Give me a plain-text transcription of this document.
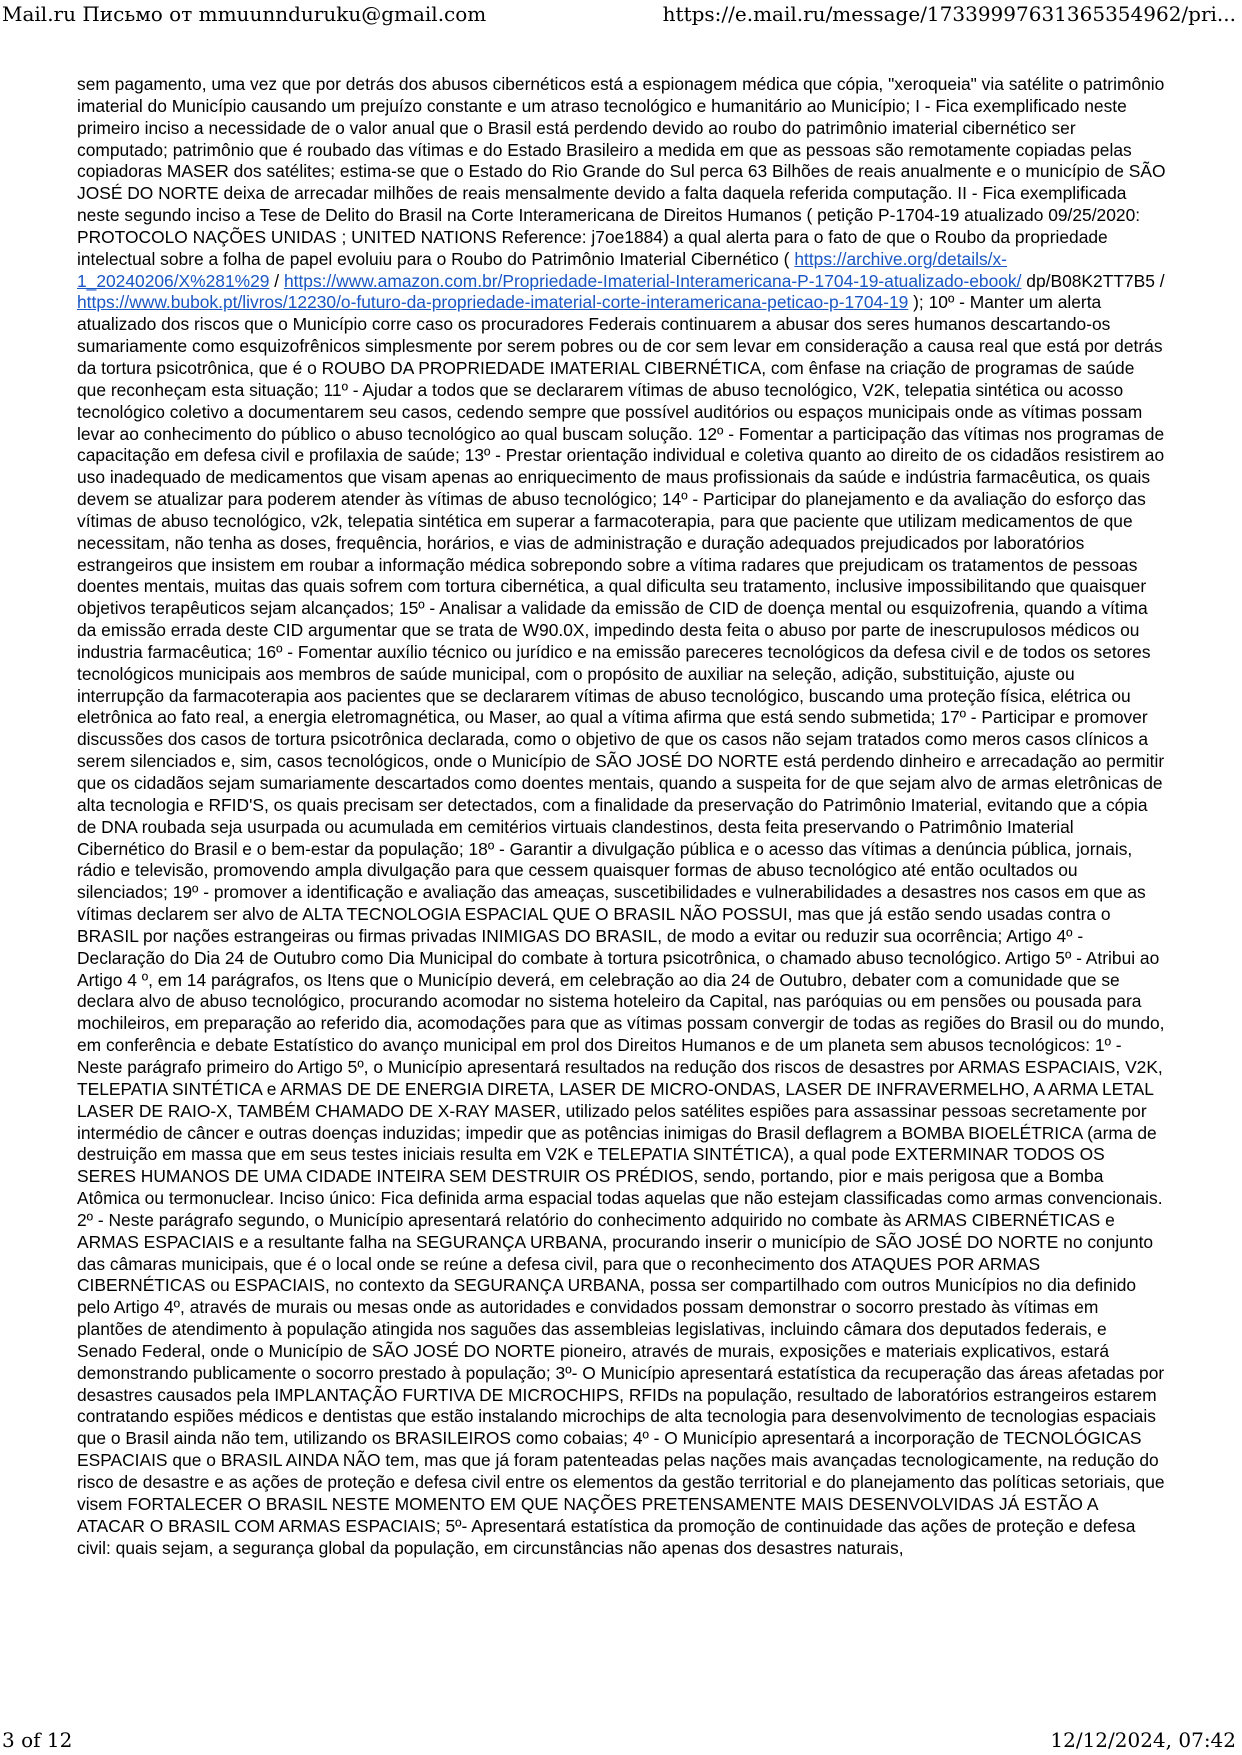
Mail.ru Письмо от mmuunnduruku@gmail.com	https://e.mail.ru/message/17339997631365354962/pri...

sem pagamento, uma vez que por detrás dos abusos cibernéticos está a espionagem médica que cópia, "xeroqueia" via satélite o patrimônio imaterial do Município causando um prejuízo constante e um atraso tecnológico e humanitário ao Município; I - Fica exemplificado neste primeiro inciso a necessidade de o valor anual que o Brasil está perdendo devido ao roubo do patrimônio imaterial cibernético ser computado; patrimônio que é roubado das vítimas e do Estado Brasileiro a medida em que as pessoas são remotamente copiadas pelas copiadoras MASER dos satélites; estima-se que o Estado do Rio Grande do Sul perca 63 Bilhões de reais anualmente e o município de SÃO JOSÉ DO NORTE deixa de arrecadar milhões de reais mensalmente devido a falta daquela referida computação. II - Fica exemplificada neste segundo inciso a Tese de Delito do Brasil na Corte Interamericana de Direitos Humanos ( petição P-1704-19 atualizado 09/25/2020: PROTOCOLO NAÇÕES UNIDAS ; UNITED NATIONS Reference: j7oe1884) a qual alerta para o fato de que o Roubo da propriedade intelectual sobre a folha de papel evoluiu para o Roubo do Patrimônio Imaterial Cibernético ( https://archive.org/details/x-1_20240206/X%281%29 / https://www.amazon.com.br/Propriedade-Imaterial-Interamericana-P-1704-19-atualizado-ebook/ dp/B08K2TT7B5 / https://www.bubok.pt/livros/12230/o-futuro-da-propriedade-imaterial-corte-interamericana-peticao-p-1704-19 ); 10º - Manter um alerta atualizado dos riscos que o Município corre caso os procuradores Federais continuarem a abusar dos seres humanos descartando-os sumariamente como esquizofrênicos simplesmente por serem pobres ou de cor sem levar em consideração a causa real que está por detrás da tortura psicotrônica, que é o ROUBO DA PROPRIEDADE IMATERIAL CIBERNÉTICA, com ênfase na criação de programas de saúde que reconheçam esta situação; 11º - Ajudar a todos que se declararem vítimas de abuso tecnológico, V2K, telepatia sintética ou acosso tecnológico coletivo a documentarem seu casos, cedendo sempre que possível auditórios ou espaços municipais onde as vítimas possam levar ao conhecimento do público o abuso tecnológico ao qual buscam solução. 12º - Fomentar a participação das vítimas nos programas de capacitação em defesa civil e profilaxia de saúde; 13º - Prestar orientação individual e coletiva quanto ao direito de os cidadãos resistirem ao uso inadequado de medicamentos que visam apenas ao enriquecimento de maus profissionais da saúde e indústria farmacêutica, os quais devem se atualizar para poderem atender às vítimas de abuso tecnológico; 14º - Participar do planejamento e da avaliação do esforço das vítimas de abuso tecnológico, v2k, telepatia sintética em superar a farmacoterapia, para que paciente que utilizam medicamentos de que necessitam, não tenha as doses, frequência, horários, e vias de administração e duração adequados prejudicados por laboratórios estrangeiros que insistem em roubar a informação médica sobrepondo sobre a vítima radares que prejudicam os tratamentos de pessoas doentes mentais, muitas das quais sofrem com tortura cibernética, a qual dificulta seu tratamento, inclusive impossibilitando que quaisquer objetivos terapêuticos sejam alcançados; 15º - Analisar a validade da emissão de CID de doença mental ou esquizofrenia, quando a vítima da emissão errada deste CID argumentar que se trata de W90.0X, impedindo desta feita o abuso por parte de inescrupulosos médicos ou industria farmacêutica; 16º - Fomentar auxílio técnico ou jurídico e na emissão pareceres tecnológicos da defesa civil e de todos os setores tecnológicos municipais aos membros de saúde municipal, com o propósito de auxiliar na seleção, adição, substituição, ajuste ou interrupção da farmacoterapia aos pacientes que se declararem vítimas de abuso tecnológico, buscando uma proteção física, elétrica ou eletrônica ao fato real, a energia eletromagnética, ou Maser, ao qual a vítima afirma que está sendo submetida; 17º - Participar e promover discussões dos casos de tortura psicotrônica declarada, como o objetivo de que os casos não sejam tratados como meros casos clínicos a serem silenciados e, sim, casos tecnológicos, onde o Município de SÃO JOSÉ DO NORTE está perdendo dinheiro e arrecadação ao permitir que os cidadãos sejam sumariamente descartados como doentes mentais, quando a suspeita for de que sejam alvo de armas eletrônicas de alta tecnologia e RFID'S, os quais precisam ser detectados, com a finalidade da preservação do Patrimônio Imaterial, evitando que a cópia de DNA roubada seja usurpada ou acumulada em cemitérios virtuais clandestinos, desta feita preservando o Patrimônio Imaterial Cibernético do Brasil e o bem-estar da população; 18º - Garantir a divulgação pública e o acesso das vítimas a denúncia pública, jornais, rádio e televisão, promovendo ampla divulgação para que cessem quaisquer formas de abuso tecnológico até então ocultados ou silenciados; 19º - promover a identificação e avaliação das ameaças, suscetibilidades e vulnerabilidades a desastres nos casos em que as vítimas declarem ser alvo de ALTA TECNOLOGIA ESPACIAL QUE O BRASIL NÃO POSSUI, mas que já estão sendo usadas contra o BRASIL por nações estrangeiras ou firmas privadas INIMIGAS DO BRASIL, de modo a evitar ou reduzir sua ocorrência; Artigo 4º - Declaração do Dia 24 de Outubro como Dia Municipal do combate à tortura psicotrônica, o chamado abuso tecnológico. Artigo 5º - Atribui ao Artigo 4 º, em 14 parágrafos, os Itens que o Município deverá, em celebração ao dia 24 de Outubro, debater com a comunidade que se declara alvo de abuso tecnológico, procurando acomodar no sistema hoteleiro da Capital, nas paróquias ou em pensões ou pousada para mochileiros, em preparação ao referido dia, acomodações para que as vítimas possam convergir de todas as regiões do Brasil ou do mundo, em conferência e debate Estatístico do avanço municipal em prol dos Direitos Humanos e de um planeta sem abusos tecnológicos: 1º - Neste parágrafo primeiro do Artigo 5º, o Município apresentará resultados na redução dos riscos de desastres por ARMAS ESPACIAIS, V2K, TELEPATIA SINTÉTICA e ARMAS DE DE ENERGIA DIRETA, LASER DE MICRO-ONDAS, LASER DE INFRAVERMELHO, A ARMA LETAL LASER DE RAIO-X, TAMBÉM CHAMADO DE X-RAY MASER, utilizado pelos satélites espiões para assassinar pessoas secretamente por intermédio de câncer e outras doenças induzidas; impedir que as potências inimigas do Brasil deflagrem a BOMBA BIOELÉTRICA (arma de destruição em massa que em seus testes iniciais resulta em V2K e TELEPATIA SINTÉTICA), a qual pode EXTERMINAR TODOS OS SERES HUMANOS DE UMA CIDADE INTEIRA SEM DESTRUIR OS PRÉDIOS, sendo, portando, pior e mais perigosa que a Bomba Atômica ou termonuclear. Inciso único: Fica definida arma espacial todas aquelas que não estejam classificadas como armas convencionais. 2º - Neste parágrafo segundo, o Município apresentará relatório do conhecimento adquirido no combate às ARMAS CIBERNÉTICAS e ARMAS ESPACIAIS e a resultante falha na SEGURANÇA URBANA, procurando inserir o município de SÃO JOSÉ DO NORTE no conjunto das câmaras municipais, que é o local onde se reúne a defesa civil, para que o reconhecimento dos ATAQUES POR ARMAS CIBERNÉTICAS ou ESPACIAIS, no contexto da SEGURANÇA URBANA, possa ser compartilhado com outros Municípios no dia definido pelo Artigo 4º, através de murais ou mesas onde as autoridades e convidados possam demonstrar o socorro prestado às vítimas em plantões de atendimento à população atingida nos saguões das assembleias legislativas, incluindo câmara dos deputados federais, e Senado Federal, onde o Município de SÃO JOSÉ DO NORTE pioneiro, através de murais, exposições e materiais explicativos, estará demonstrando publicamente o socorro prestado à população; 3º- O Município apresentará estatística da recuperação das áreas afetadas por desastres causados pela IMPLANTAÇÃO FURTIVA DE MICROCHIPS, RFIDs na população, resultado de laboratórios estrangeiros estarem contratando espiões médicos e dentistas que estão instalando microchips de alta tecnologia para desenvolvimento de tecnologias espaciais que o Brasil ainda não tem, utilizando os BRASILEIROS como cobaias; 4º - O Município apresentará a incorporação de TECNOLÓGICAS ESPACIAIS que o BRASIL AINDA NÃO tem, mas que já foram patenteadas pelas nações mais avançadas tecnologicamente, na redução do risco de desastre e as ações de proteção e defesa civil entre os elementos da gestão territorial e do planejamento das políticas setoriais, que visem FORTALECER O BRASIL NESTE MOMENTO EM QUE NAÇÕES PRETENSAMENTE MAIS DESENVOLVIDAS JÁ ESTÃO A ATACAR O BRASIL COM ARMAS ESPACIAIS; 5º- Apresentará estatística da promoção de continuidade das ações de proteção e defesa civil: quais sejam, a segurança global da população, em circunstâncias não apenas dos desastres naturais,

3 of 12	12/12/2024, 07:42
